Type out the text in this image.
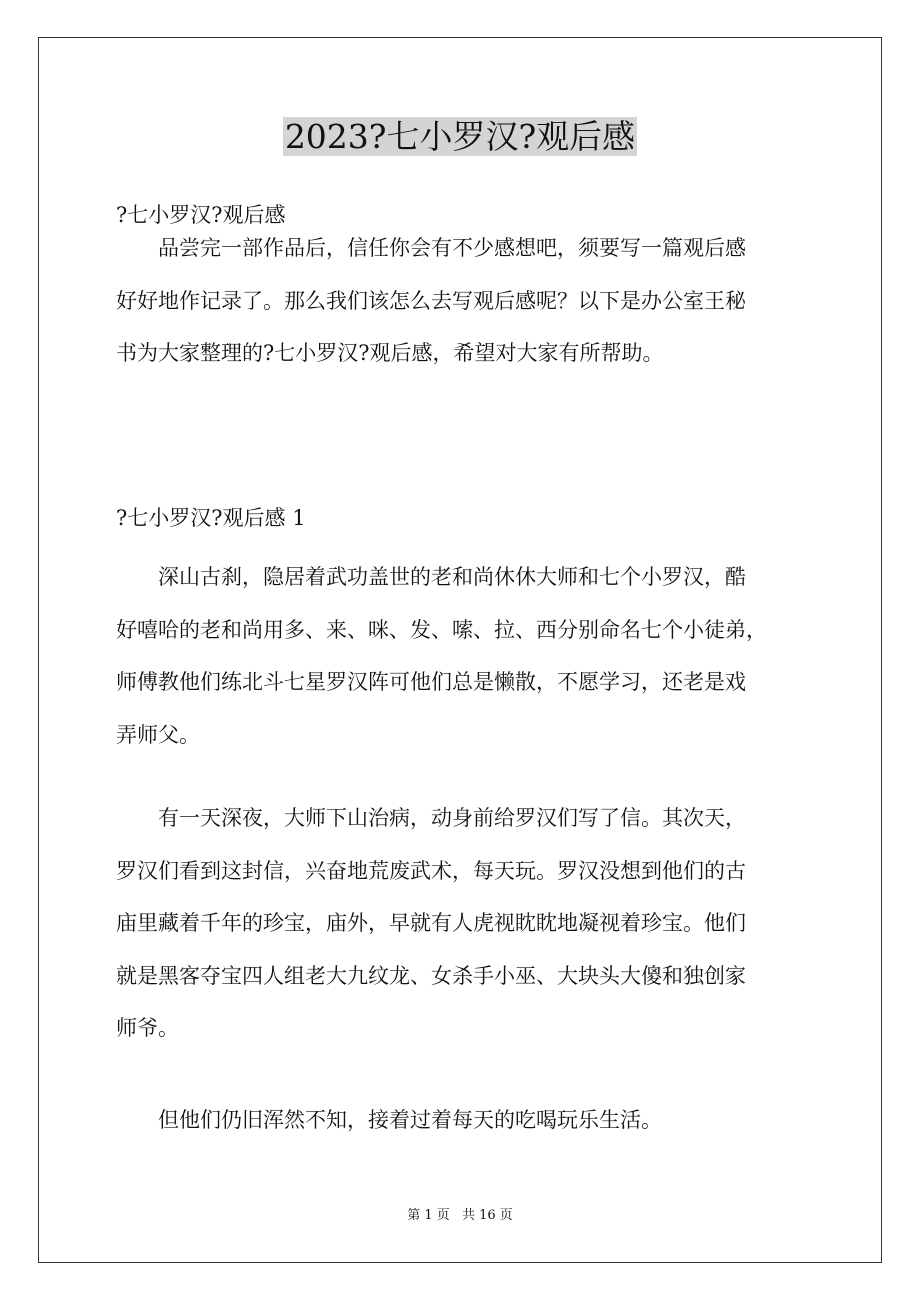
2023?七小罗汉?观后感

?七小罗汉?观后感

品尝完一部作品后，信任你会有不少感想吧，须要写一篇观后感
好好地作记录了。那么我们该怎么去写观后感呢？以下是办公室王秘
书为大家整理的?七小罗汉?观后感，希望对大家有所帮助。

?七小罗汉?观后感 1

深山古刹，隐居着武功盖世的老和尚休休大师和七个小罗汉，酷
好嘻哈的老和尚用多、来、咪、发、嗦、拉、西分别命名七个小徒弟，
师傅教他们练北斗七星罗汉阵可他们总是懒散，不愿学习，还老是戏
弄师父。
有一天深夜，大师下山治病，动身前给罗汉们写了信。其次天，
罗汉们看到这封信，兴奋地荒废武术，每天玩。罗汉没想到他们的古
庙里藏着千年的珍宝，庙外，早就有人虎视眈眈地凝视着珍宝。他们
就是黑客夺宝四人组老大九纹龙、女杀手小巫、大块头大傻和独创家
师爷。
但他们仍旧浑然不知，接着过着每天的吃喝玩乐生活。
第 1 页 共 16 页
